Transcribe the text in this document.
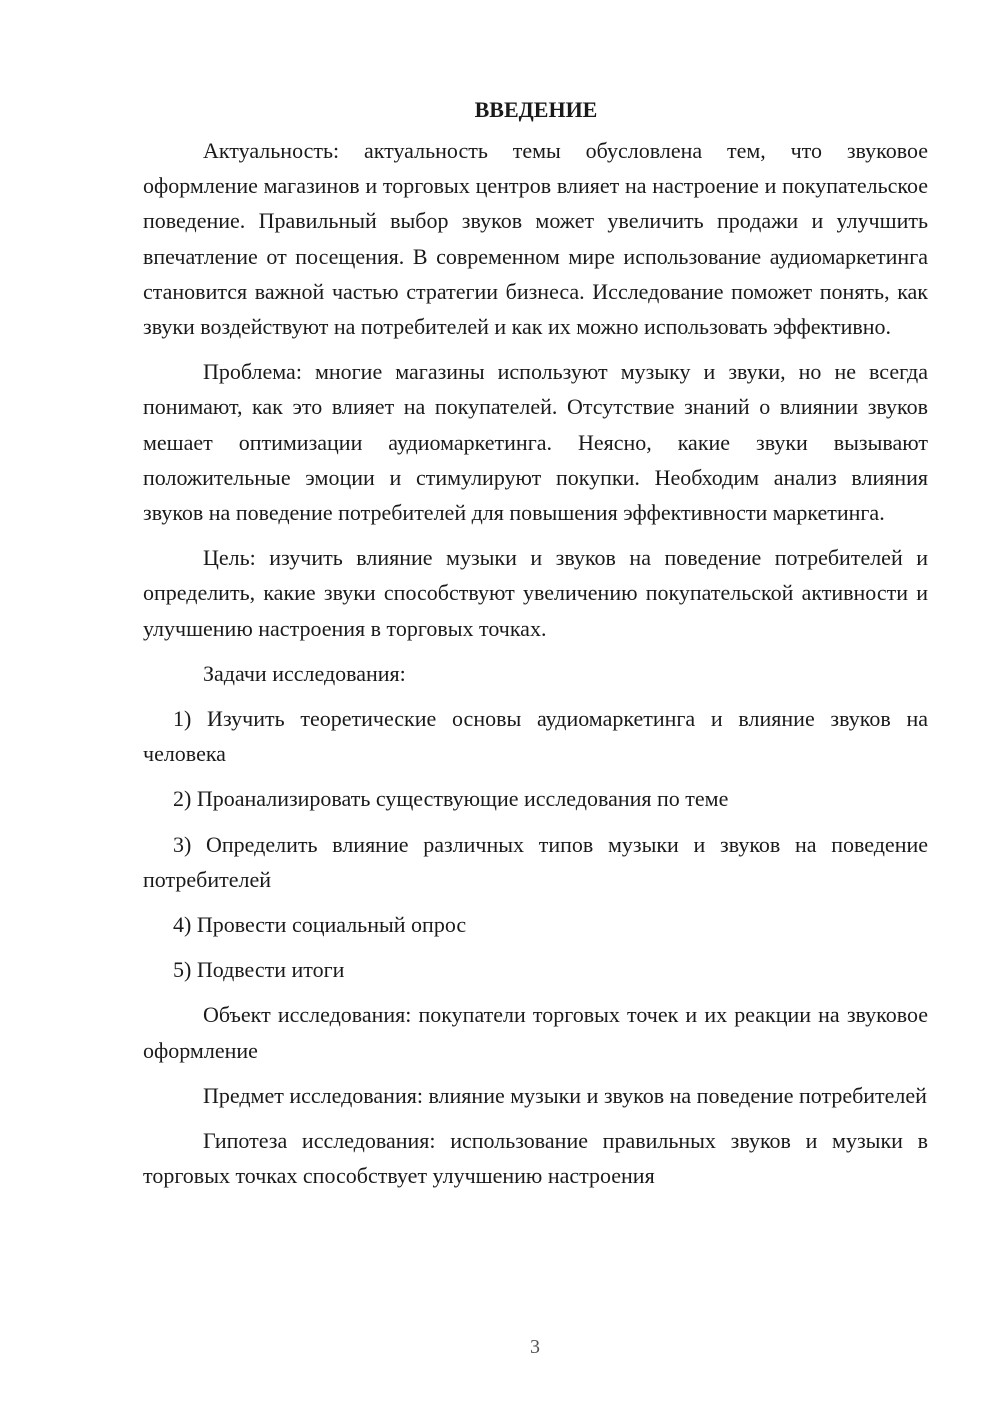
ВВЕДЕНИЕ

Актуальность: актуальность темы обусловлена тем, что звуковое оформление магазинов и торговых центров влияет на настроение и покупательское поведение. Правильный выбор звуков может увеличить продажи и улучшить впечатление от посещения. В современном мире использование аудиомаркетинга становится важной частью стратегии бизнеса. Исследование поможет понять, как звуки воздействуют на потребителей и как их можно использовать эффективно.

Проблема: многие магазины используют музыку и звуки, но не всегда понимают, как это влияет на покупателей. Отсутствие знаний о влиянии звуков мешает оптимизации аудиомаркетинга. Неясно, какие звуки вызывают положительные эмоции и стимулируют покупки. Необходим анализ влияния звуков на поведение потребителей для повышения эффективности маркетинга.

Цель: изучить влияние музыки и звуков на поведение потребителей и определить, какие звуки способствуют увеличению покупательской активности и улучшению настроения в торговых точках.

Задачи исследования:

1) Изучить теоретические основы аудиомаркетинга и влияние звуков на человека

2) Проанализировать существующие исследования по теме

3) Определить влияние различных типов музыки и звуков на поведение потребителей

4) Провести социальный опрос

5) Подвести итоги

Объект исследования: покупатели торговых точек и их реакции на звуковое оформление

Предмет исследования: влияние музыки и звуков на поведение потребителей

Гипотеза исследования: использование правильных звуков и музыки в торговых точках способствует улучшению настроения

3
